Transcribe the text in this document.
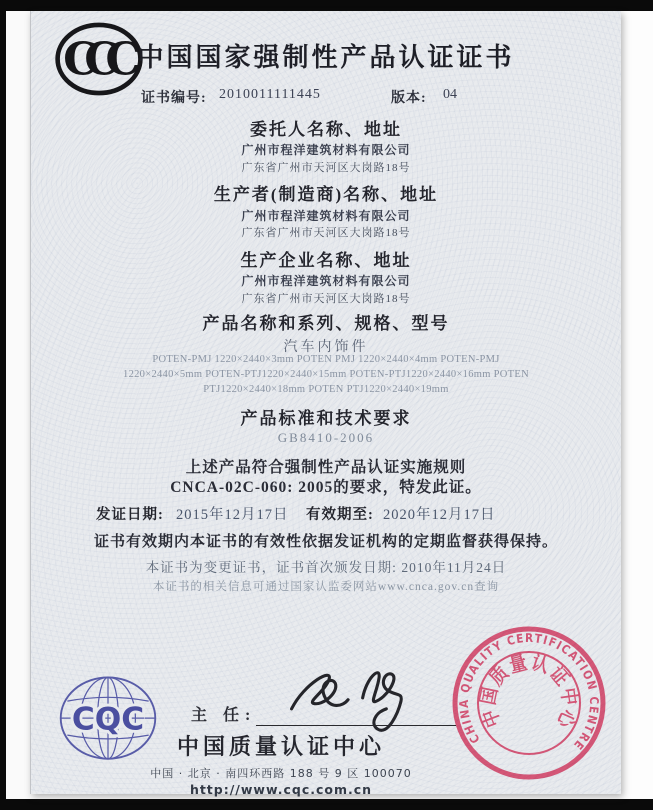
CCC 中国国家强制性产品认证证书
证书编号: 2010011111445	版本: 04
委托人名称、地址
广州市程洋建筑材料有限公司
广东省广州市天河区大岗路18号
生产者(制造商)名称、地址
广州市程洋建筑材料有限公司
广东省广州市天河区大岗路18号
生产企业名称、地址
广州市程洋建筑材料有限公司
广东省广州市天河区大岗路18号
产品名称和系列、规格、型号
汽车内饰件
POTEN-PMJ 1220×2440×3mm POTEN PMJ 1220×2440×4mm POTEN-PMJ
1220×2440×5mm POTEN-PTJ1220×2440×15mm POTEN-PTJ1220×2440×16mm POTEN
PTJ1220×2440×18mm POTEN PTJ1220×2440×19mm
产品标准和技术要求
GB8410-2006
上述产品符合强制性产品认证实施规则
CNCA-02C-060: 2005的要求，特发此证。
发证日期: 2015年12月17日 有效期至: 2020年12月17日
证书有效期内本证书的有效性依据发证机构的定期监督获得保持。
本证书为变更证书，证书首次颁发日期: 2010年11月24日
本证书的相关信息可通过国家认监委网站www.cnca.gov.cn查询
CQC	主 任:
中国质量认证中心
中国 · 北京 · 南四环西路 188 号 9 区 100070
http://www.cqc.com.cn
CHINA QUALITY CERTIFICATION CENTRE
中国质量认证中心
